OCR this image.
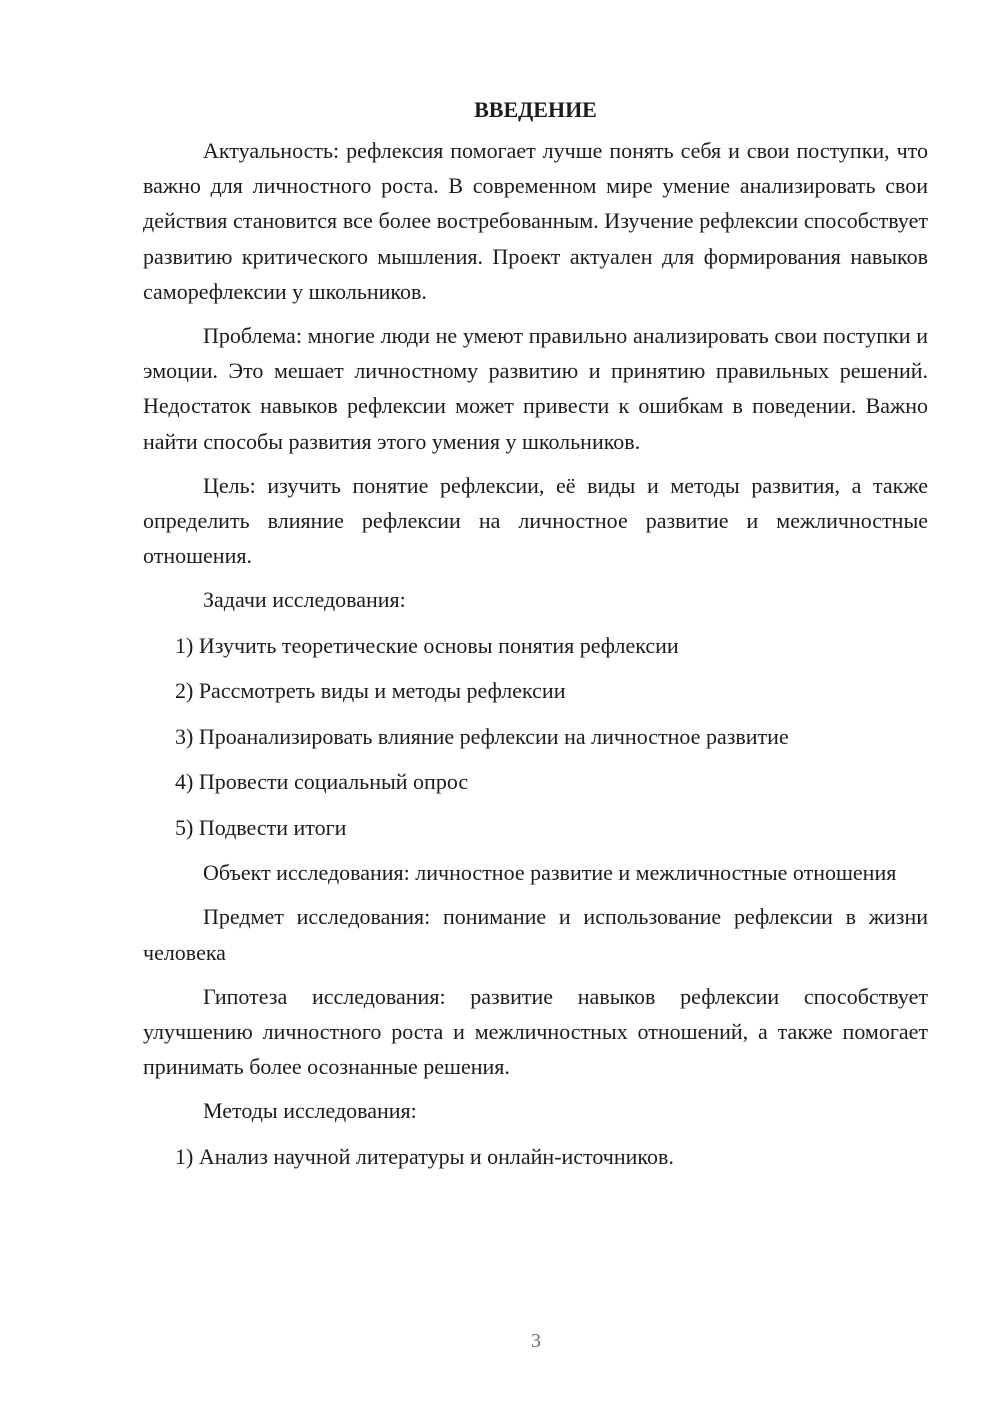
ВВЕДЕНИЕ

Актуальность: рефлексия помогает лучше понять себя и свои поступки, что важно для личностного роста. В современном мире умение анализировать свои действия становится все более востребованным. Изучение рефлексии способствует развитию критического мышления. Проект актуален для формирования навыков саморефлексии у школьников.

Проблема: многие люди не умеют правильно анализировать свои поступки и эмоции. Это мешает личностному развитию и принятию правильных решений. Недостаток навыков рефлексии может привести к ошибкам в поведении. Важно найти способы развития этого умения у школьников.

Цель: изучить понятие рефлексии, её виды и методы развития, а также определить влияние рефлексии на личностное развитие и межличностные отношения.

Задачи исследования:

1) Изучить теоретические основы понятия рефлексии
2) Рассмотреть виды и методы рефлексии
3) Проанализировать влияние рефлексии на личностное развитие
4) Провести социальный опрос
5) Подвести итоги

Объект исследования: личностное развитие и межличностные отношения

Предмет исследования: понимание и использование рефлексии в жизни человека

Гипотеза исследования: развитие навыков рефлексии способствует улучшению личностного роста и межличностных отношений, а также помогает принимать более осознанные решения.

Методы исследования:

1) Анализ научной литературы и онлайн-источников.
3
